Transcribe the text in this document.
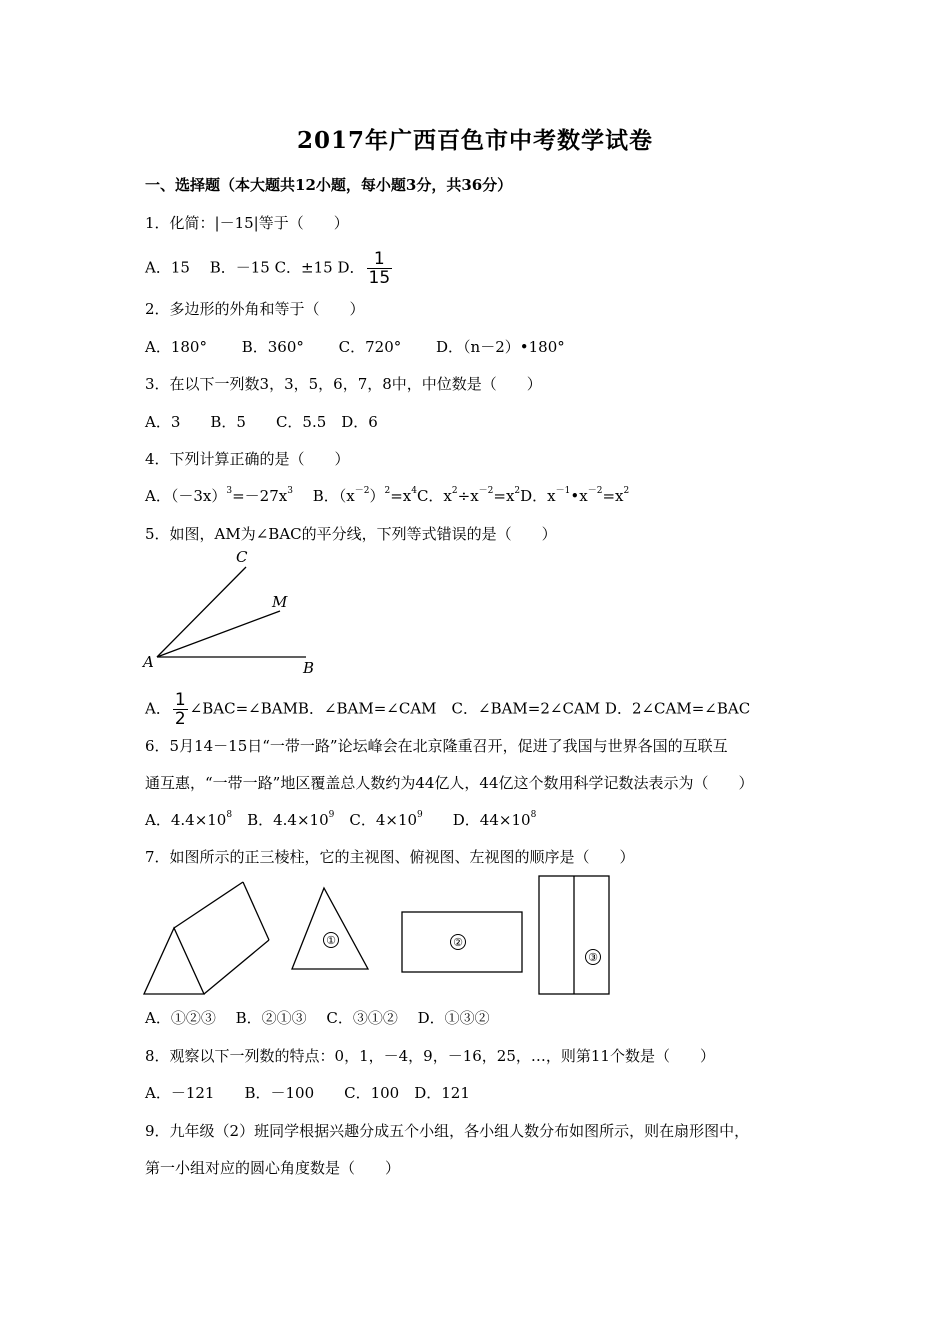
2017年广西百色市中考数学试卷
一、选择题（本大题共12小题，每小题3分，共36分）
1．化简：|－15|等于（　　）
A．15　 B．－15 C．±15 D． $\frac{1}{15}$
2．多边形的外角和等于（　　）
A．180°　　 B．360°　　 C．720°　　 D．（n－2）•180°
3．在以下一列数3，3，5，6，7，8中，中位数是（　　）
A．3　　B．5　　C．5.5　D．6
4．下列计算正确的是（　　）
A．$(-3x)^3=-27x^3$　 B．$(x^{-2})^2=x^4C$．$x^2\div x^{-2}=x^2D$．$x^{-1}•x^{-2}=x^2$
5．如图，AM为∠BAC的平分线，下列等式错误的是（　　）
C
M
A	B
A． $\frac{1}{2}$ ∠BAC=∠BAMB．∠BAM=∠CAM　C．∠BAM=2∠CAM D．2∠CAM=∠BAC
6．5月14－15日“一带一路”论坛峰会在北京隆重召开，促进了我国与世界各国的互联互
通互惠，“一带一路”地区覆盖总人数约为44亿人，44亿这个数用科学记数法表示为（　　）
A．$4.4\times 10^8$　B．$4.4\times 10^9$　C．$4\times 10^9$　　D．$44\times 10^8$
7．如图所示的正三棱柱，它的主视图、俯视图、左视图的顺序是（　　）
①	②
③
A．①②③　 B．②①③　 C．③①②　 D．①③②
8．观察以下一列数的特点：0，1，－4，9，－16，25，…，则第11个数是（　　）
A．－121　　B．－100　　C．100　D．121
9．九年级（2）班同学根据兴趣分成五个小组，各小组人数分布如图所示，则在扇形图中，
第一小组对应的圆心角度数是（　　）
